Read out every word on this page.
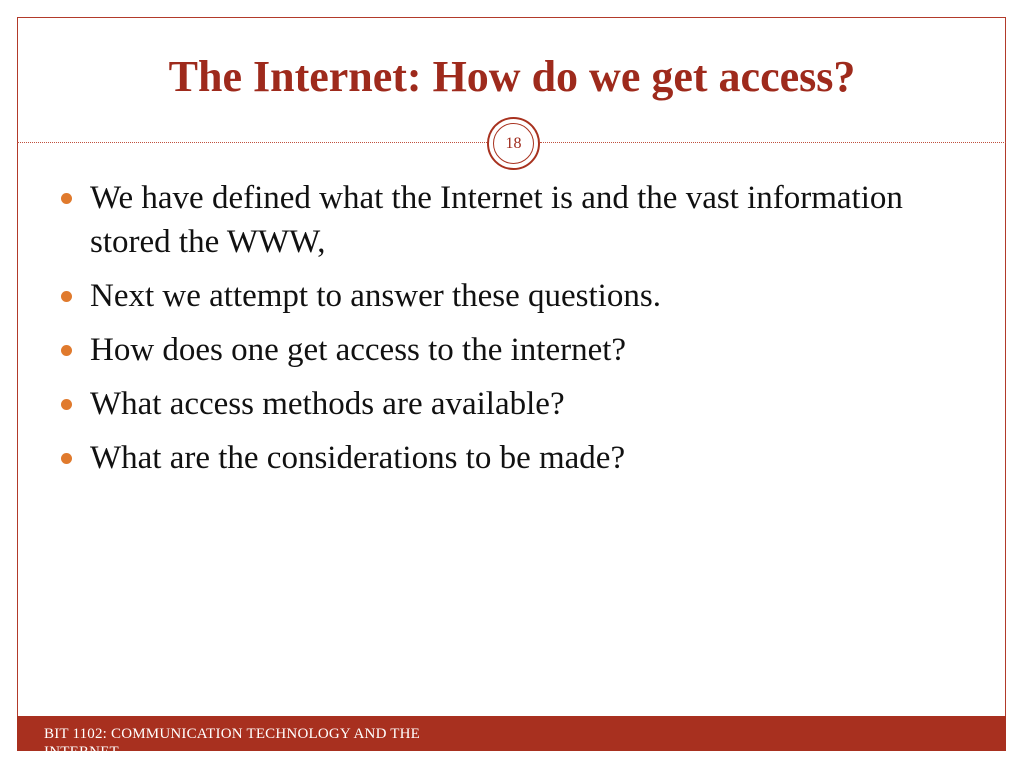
The Internet: How do we get access?
18
We have defined what the Internet is and the vast information stored the WWW,
Next we attempt to answer these questions.
How does one get access to the internet?
What access methods are available?
What are the considerations to be made?
BIT 1102: COMMUNICATION TECHNOLOGY AND THE INTERNET
